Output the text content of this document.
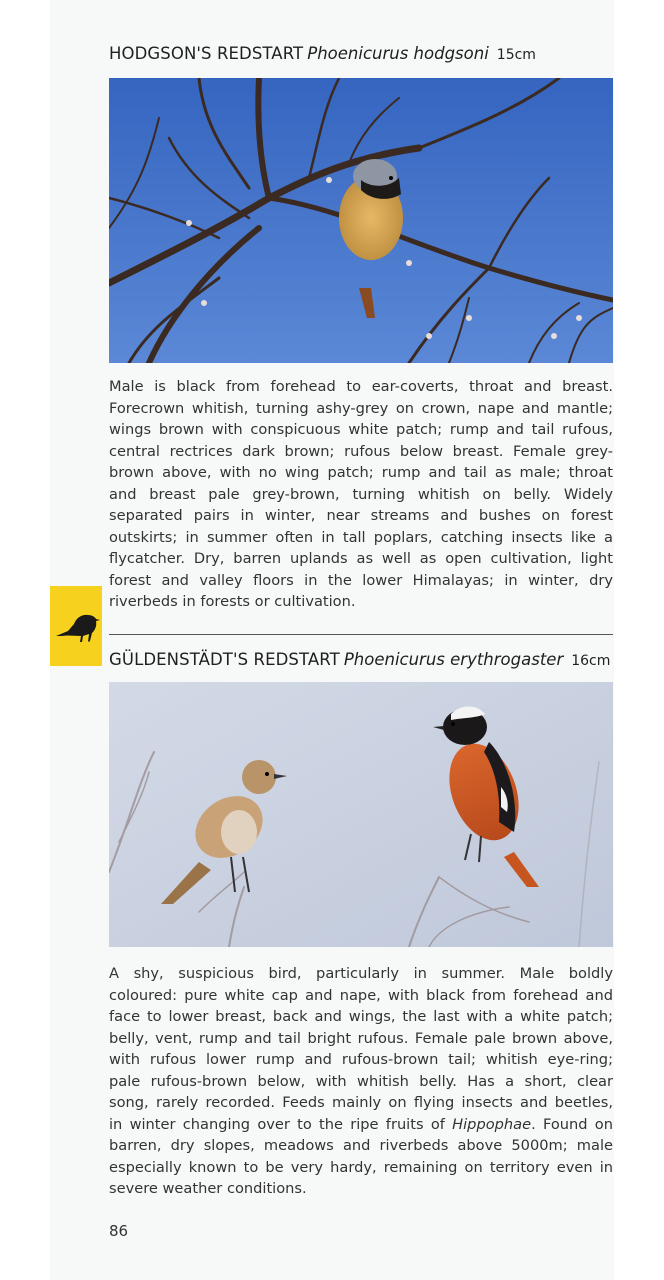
HODGSON'S REDSTART Phoenicurus hodgsoni 15cm
Male is black from forehead to ear-coverts, throat and breast.
Forecrown whitish, turning ashy-grey on crown, nape and mantle;
wings brown with conspicuous white patch; rump and tail rufous,
central rectrices dark brown; rufous below breast. Female grey-
brown above, with no wing patch; rump and tail as male; throat
and breast pale grey-brown, turning whitish on belly. Widely
separated pairs in winter, near streams and bushes on forest
outskirts; in summer often in tall poplars, catching insects like a
flycatcher. Dry, barren uplands as well as open cultivation, light
forest and valley floors in the lower Himalayas; in winter, dry
riverbeds in forests or cultivation.
GÜLDENSTÄDT'S REDSTART Phoenicurus erythrogaster 16cm
A shy, suspicious bird, particularly in summer. Male boldly
coloured: pure white cap and nape, with black from forehead and
face to lower breast, back and wings, the last with a white patch;
belly, vent, rump and tail bright rufous. Female pale brown above,
with rufous lower rump and rufous-brown tail; whitish eye-ring;
pale rufous-brown below, with whitish belly. Has a short, clear
song, rarely recorded. Feeds mainly on flying insects and beetles,
in winter changing over to the ripe fruits of Hippophae. Found on
barren, dry slopes, meadows and riverbeds above 5000m; male
especially known to be very hardy, remaining on territory even in
severe weather conditions.
86
